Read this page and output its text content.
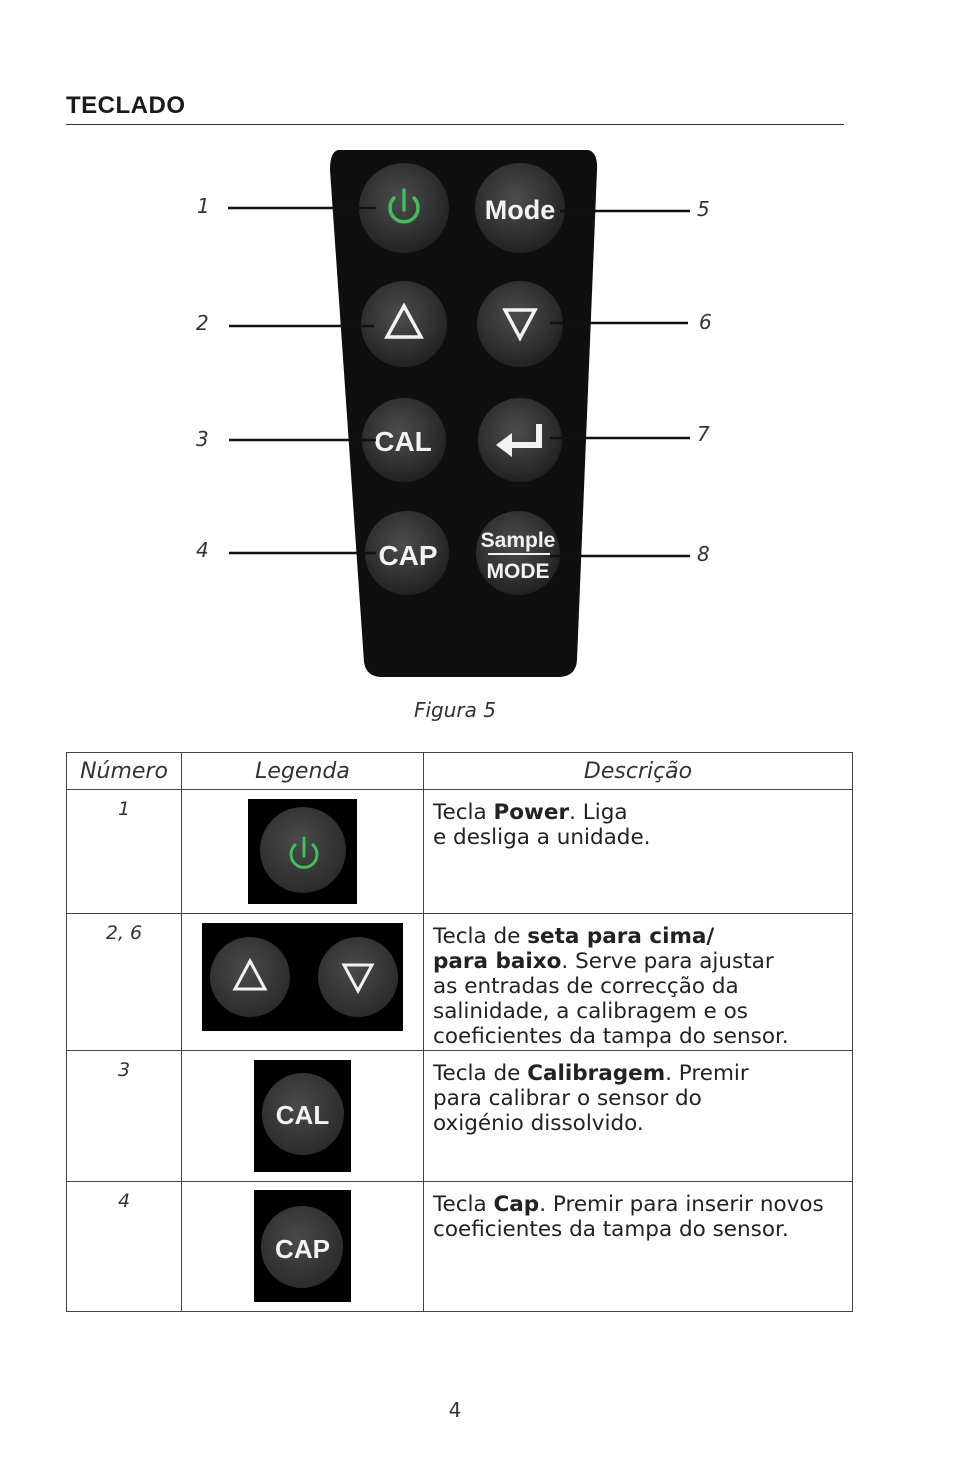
TECLADO
Mode
CAL
CAP Sample
MODE
1
2
3
4
5
6
7
8
Figura 5
Número	Legenda	Descrição
1		Tecla Power. Liga
e desliga a unidade.
2, 6		Tecla de seta para cima/
para baixo. Serve para ajustar
as entradas de correcção da
salinidade, a calibragem e os
coeficientes da tampa do sensor.
3	CAL	Tecla de Calibragem. Premir
para calibrar o sensor do
oxigénio dissolvido.
4	CAP	Tecla Cap. Premir para inserir novos
coeficientes da tampa do sensor.
4
